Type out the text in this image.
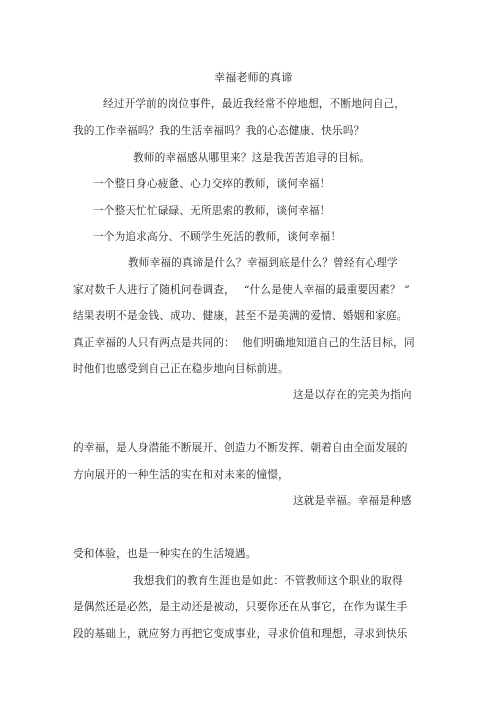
幸福老师的真谛

经过开学前的岗位事件，最近我经常不停地想，不断地问自己，

我的工作幸福吗？我的生活幸福吗？我的心态健康、快乐吗？

教师的幸福感从哪里来？这是我苦苦追寻的目标。

一个整日身心疲惫、心力交瘁的教师，谈何幸福！

一个整天忙忙碌碌、无所思索的教师，谈何幸福！

一个为追求高分、不顾学生死活的教师，谈何幸福！

教师幸福的真谛是什么？幸福到底是什么？曾经有心理学

家对数千人进行了随机问卷调查， “什么是使人幸福的最重要因素？ ”

结果表明不是金钱、成功、健康，甚至不是美满的爱情、婚姻和家庭。

真正幸福的人只有两点是共同的：  他们明确地知道自己的生活目标，同

时他们也感受到自己正在稳步地向目标前进。

这是以存在的完美为指向

的幸福，是人身潜能不断展开、创造力不断发挥、朝着自由全面发展的

方向展开的一种生活的实在和对未来的憧憬，

这就是幸福。幸福是种感

受和体验，也是一种实在的生活境遇。

我想我们的教育生涯也是如此：不管教师这个职业的取得

是偶然还是必然，是主动还是被动，只要你还在从事它，在作为谋生手

段的基础上，就应努力再把它变成事业，寻求价值和理想，寻求到快乐
